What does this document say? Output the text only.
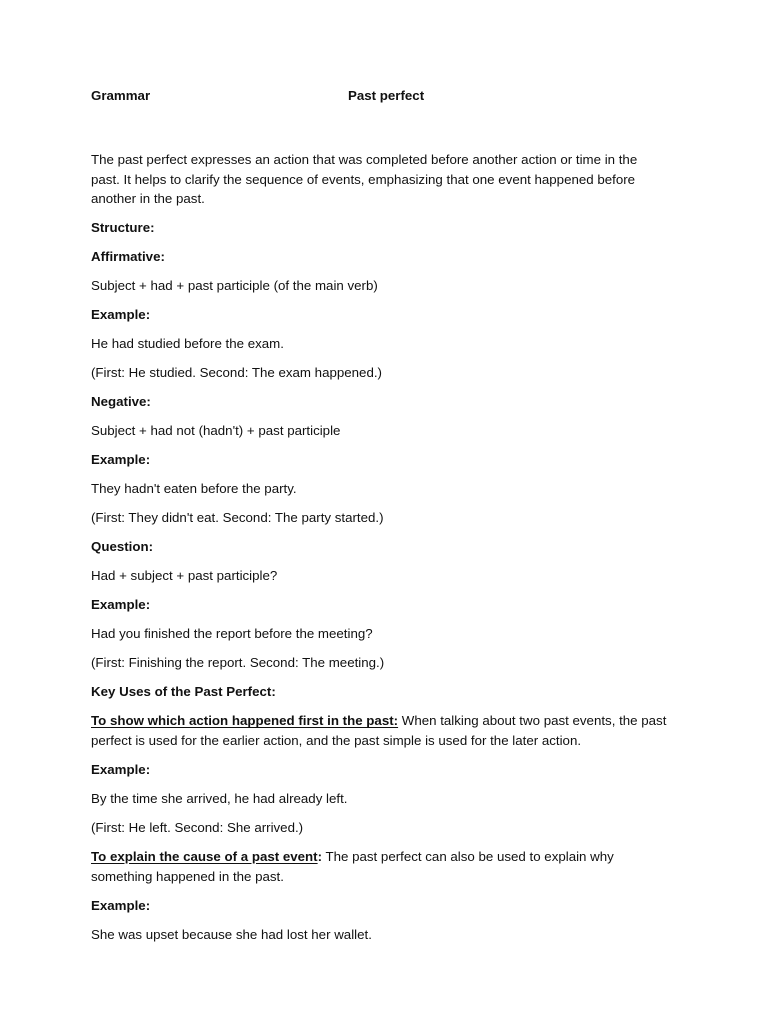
Grammar	Past perfect

The past perfect expresses an action that was completed before another action or time in the past. It helps to clarify the sequence of events, emphasizing that one event happened before another in the past.

Structure:

Affirmative:

Subject + had + past participle (of the main verb)

Example:

He had studied before the exam.

(First: He studied. Second: The exam happened.)

Negative:

Subject + had not (hadn't) + past participle

Example:

They hadn't eaten before the party.

(First: They didn't eat. Second: The party started.)

Question:

Had + subject + past participle?

Example:

Had you finished the report before the meeting?

(First: Finishing the report. Second: The meeting.)

Key Uses of the Past Perfect:

To show which action happened first in the past: When talking about two past events, the past perfect is used for the earlier action, and the past simple is used for the later action.

Example:

By the time she arrived, he had already left.

(First: He left. Second: She arrived.)

To explain the cause of a past event: The past perfect can also be used to explain why something happened in the past.

Example:

She was upset because she had lost her wallet.
